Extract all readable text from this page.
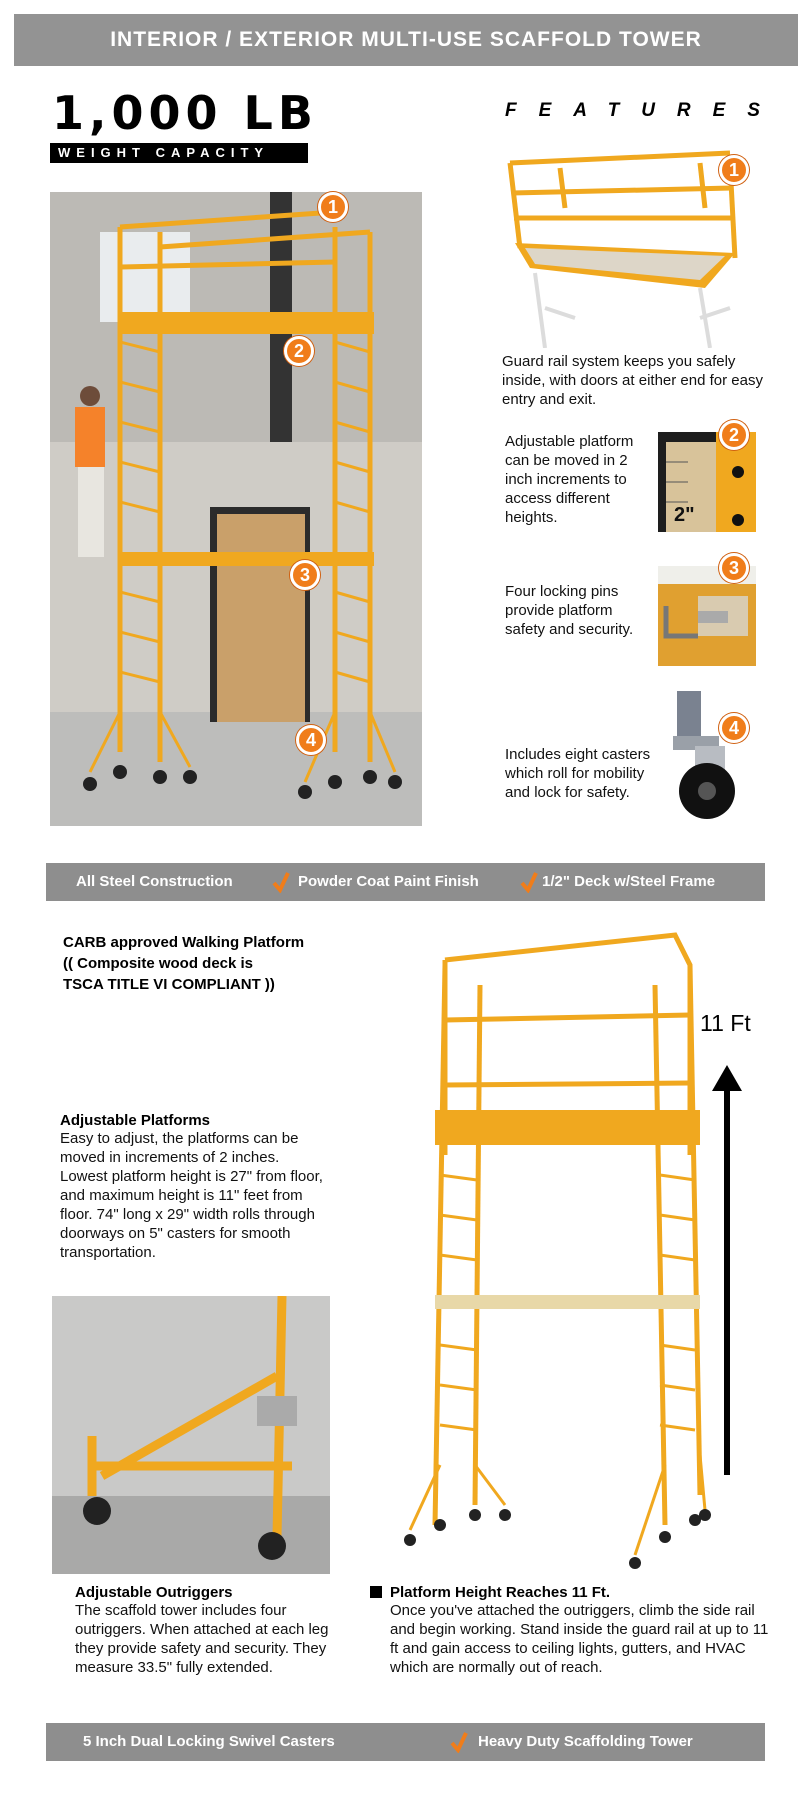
INTERIOR / EXTERIOR MULTI-USE SCAFFOLD TOWER
1,000 LB
WEIGHT CAPACITY
FEATURES
1
2
3
4
1
Guard rail system keeps you safely inside, with doors at either end for easy entry and exit.
Adjustable platform can be moved in 2 inch increments to access different heights.	2"
2
Four locking pins provide platform safety and security.
3
Includes eight casters which roll for mobility and lock for safety.
4
All Steel Construction	Powder Coat Paint Finish	1/2" Deck w/Steel Frame
CARB approved Walking Platform
(( Composite wood deck is
TSCA TITLE VI COMPLIANT ))
Adjustable Platforms
Easy to adjust, the platforms can be moved in increments of 2 inches. Lowest platform height is 27" from floor, and maximum height is 11" feet from floor. 74" long x 29" width rolls through doorways on 5" casters for smooth transportation.
Adjustable Outriggers
The scaffold tower includes four outriggers. When attached at each leg they provide safety and security. They measure 33.5" fully extended.
11 Ft
Platform Height Reaches 11 Ft.
Once you've attached the outriggers, climb the side rail and begin working. Stand inside the guard rail at up to 11 ft and gain access to ceiling lights, gutters, and HVAC which are normally out of reach.
5 Inch Dual Locking Swivel Casters	Heavy Duty Scaffolding Tower
